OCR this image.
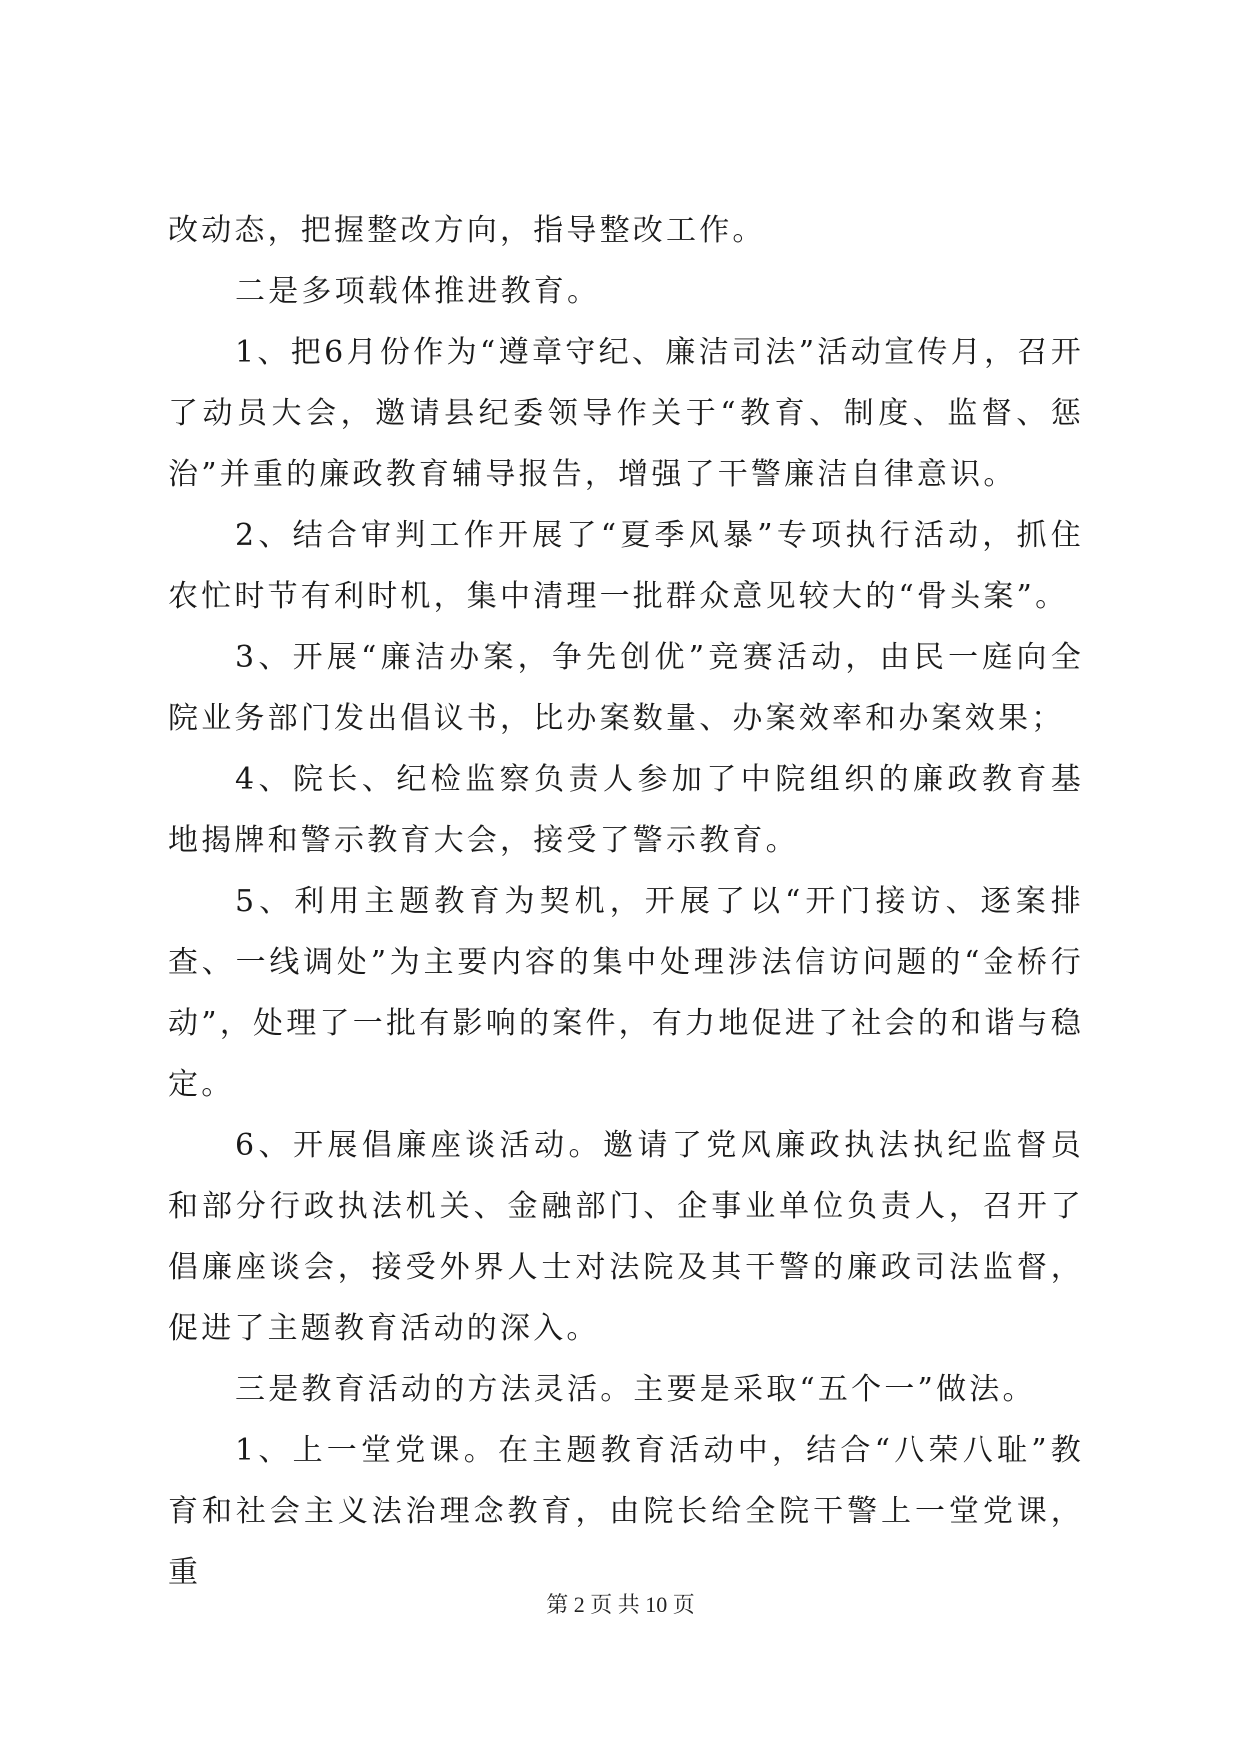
改动态，把握整改方向，指导整改工作。

二是多项载体推进教育。

1、把6月份作为“遵章守纪、廉洁司法”活动宣传月，召开了动员大会，邀请县纪委领导作关于“教育、制度、监督、惩治”并重的廉政教育辅导报告，增强了干警廉洁自律意识。

2、结合审判工作开展了“夏季风暴”专项执行活动，抓住农忙时节有利时机，集中清理一批群众意见较大的“骨头案”。

3、开展“廉洁办案，争先创优”竞赛活动，由民一庭向全院业务部门发出倡议书，比办案数量、办案效率和办案效果；

4、院长、纪检监察负责人参加了中院组织的廉政教育基地揭牌和警示教育大会，接受了警示教育。

5、利用主题教育为契机，开展了以“开门接访、逐案排查、一线调处”为主要内容的集中处理涉法信访问题的“金桥行动”，处理了一批有影响的案件，有力地促进了社会的和谐与稳定。

6、开展倡廉座谈活动。邀请了党风廉政执法执纪监督员和部分行政执法机关、金融部门、企事业单位负责人，召开了倡廉座谈会，接受外界人士对法院及其干警的廉政司法监督，促进了主题教育活动的深入。

三是教育活动的方法灵活。主要是采取“五个一”做法。

1、上一堂党课。在主题教育活动中，结合“八荣八耻”教育和社会主义法治理念教育，由院长给全院干警上一堂党课，重

第 2 页 共 10 页
